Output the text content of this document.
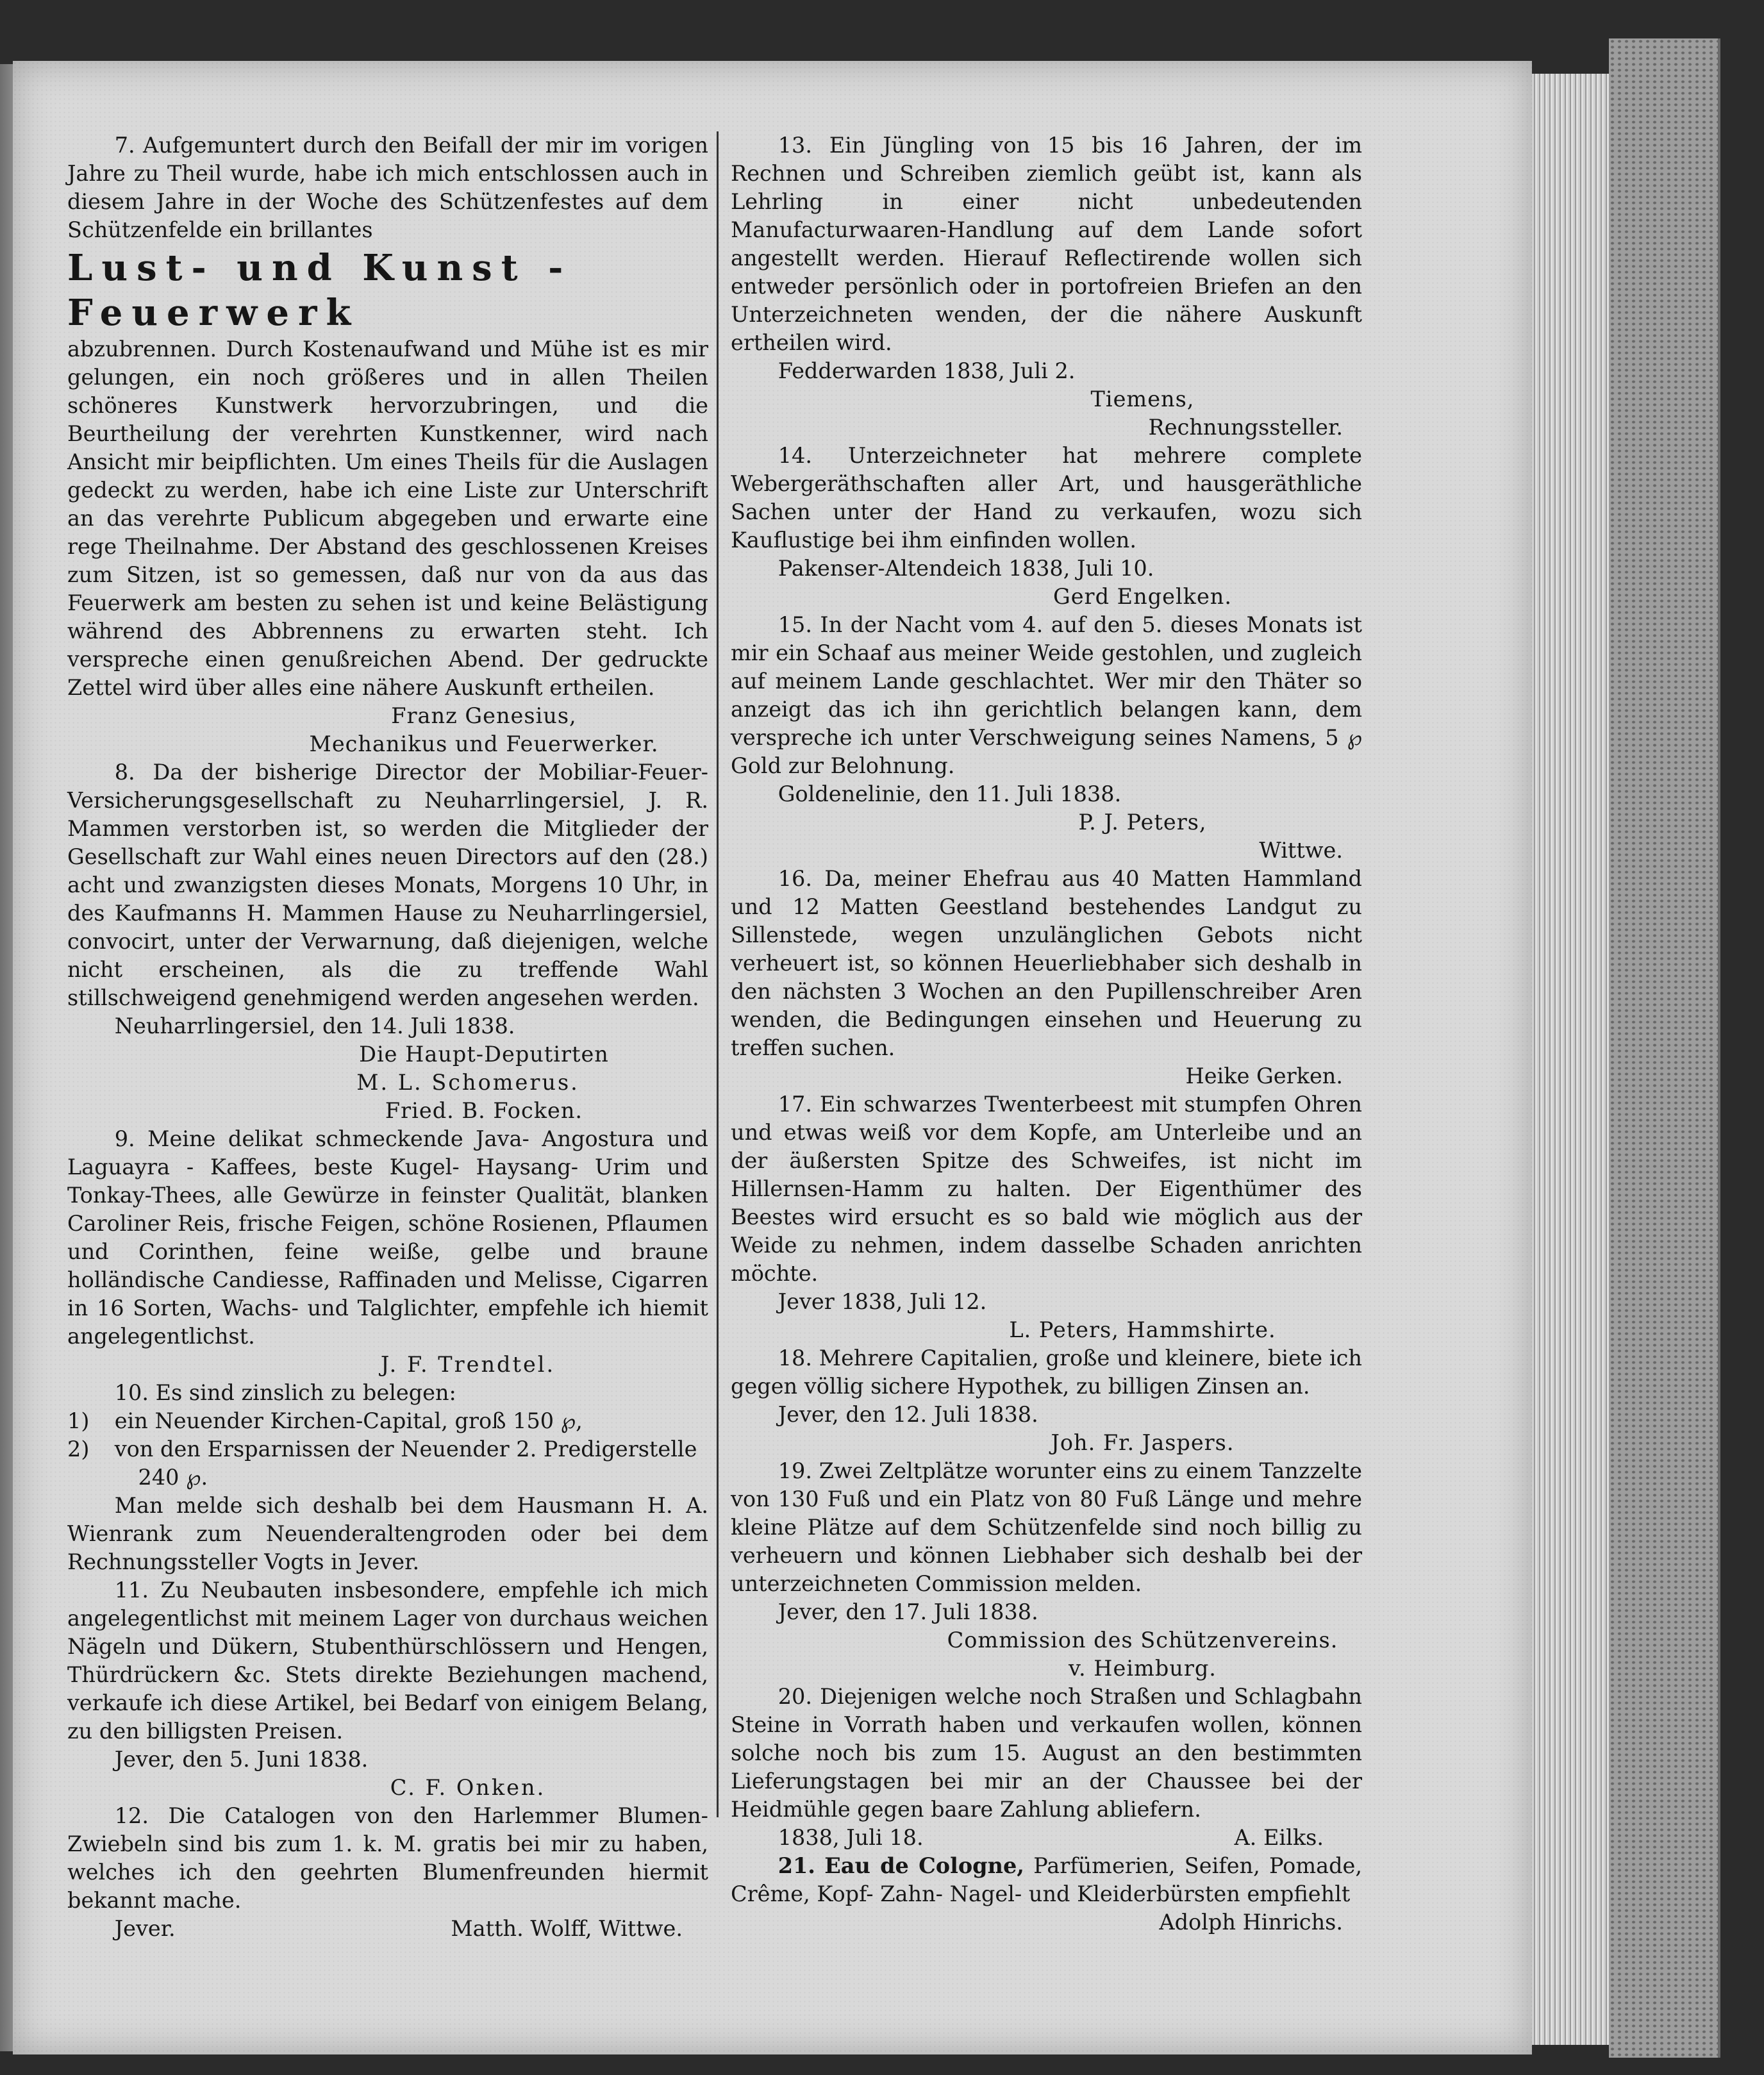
7. Aufgemuntert durch den Beifall der mir im vorigen Jahre zu Theil wurde, habe ich mich entschlossen auch in diesem Jahre in der Woche des Schützenfestes auf dem Schützenfelde ein brillantes

Lust- und Kunst - Feuerwerk

abzubrennen. Durch Kostenaufwand und Mühe ist es mir gelungen, ein noch größeres und in allen Theilen schöneres Kunstwerk hervorzubringen, und die Beurtheilung der verehrten Kunstkenner, wird nach Ansicht mir beipflichten. Um eines Theils für die Auslagen gedeckt zu werden, habe ich eine Liste zur Unterschrift an das verehrte Publicum abgegeben und erwarte eine rege Theilnahme. Der Abstand des geschlossenen Kreises zum Sitzen, ist so gemessen, daß nur von da aus das Feuerwerk am besten zu sehen ist und keine Belästigung während des Abbrennens zu erwarten steht. Ich verspreche einen genußreichen Abend. Der gedruckte Zettel wird über alles eine nähere Auskunft ertheilen.

Franz Genesius,

Mechanikus und Feuerwerker.

8. Da der bisherige Director der Mobiliar-Feuer-Versicherungsgesellschaft zu Neuharrlingersiel, J. R. Mammen verstorben ist, so werden die Mitglieder der Gesellschaft zur Wahl eines neuen Directors auf den (28.) acht und zwanzigsten dieses Monats, Morgens 10 Uhr, in des Kaufmanns H. Mammen Hause zu Neuharrlingersiel, convocirt, unter der Verwarnung, daß diejenigen, welche nicht erscheinen, als die zu treffende Wahl stillschweigend genehmigend werden angesehen werden.

Neuharrlingersiel, den 14. Juli 1838.

Die Haupt-Deputirten

M. L. Schomerus.

Fried. B. Focken.

9. Meine delikat schmeckende Java- Angostura und Laguayra - Kaffees, beste Kugel- Haysang- Urim und Tonkay-Thees, alle Gewürze in feinster Qualität, blanken Caroliner Reis, frische Feigen, schöne Rosienen, Pflaumen und Corinthen, feine weiße, gelbe und braune holländische Candiesse, Raffinaden und Melisse, Cigarren in 16 Sorten, Wachs- und Talglichter, empfehle ich hiemit angelegentlichst.

J. F. Trendtel.

10. Es sind zinslich zu belegen:

1) ein Neuender Kirchen-Capital, groß 150 ℘,

2) von den Ersparnissen der Neuender 2. Predigerstelle

240 ℘.

Man melde sich deshalb bei dem Hausmann H. A. Wienrank zum Neuenderaltengroden oder bei dem Rechnungssteller Vogts in Jever.

11. Zu Neubauten insbesondere, empfehle ich mich angelegentlichst mit meinem Lager von durchaus weichen Nägeln und Dükern, Stubenthürschlössern und Hengen, Thürdrückern &c. Stets direkte Beziehungen machend, verkaufe ich diese Artikel, bei Bedarf von einigem Belang, zu den billigsten Preisen.

Jever, den 5. Juni 1838.

C. F. Onken.

12. Die Catalogen von den Harlemmer Blumen-Zwiebeln sind bis zum 1. k. M. gratis bei mir zu haben, welches ich den geehrten Blumenfreunden hiermit bekannt mache.

Jever.	Matth. Wolff, Wittwe.

13. Ein Jüngling von 15 bis 16 Jahren, der im Rechnen und Schreiben ziemlich geübt ist, kann als Lehrling in einer nicht unbedeutenden Manufacturwaaren-Handlung auf dem Lande sofort angestellt werden. Hierauf Reflectirende wollen sich entweder persönlich oder in portofreien Briefen an den Unterzeichneten wenden, der die nähere Auskunft ertheilen wird.

Fedderwarden 1838, Juli 2.

Tiemens,

Rechnungssteller.

14. Unterzeichneter hat mehrere complete Webergeräthschaften aller Art, und hausgeräthliche Sachen unter der Hand zu verkaufen, wozu sich Kauflustige bei ihm einfinden wollen.

Pakenser-Altendeich 1838, Juli 10.

Gerd Engelken.

15. In der Nacht vom 4. auf den 5. dieses Monats ist mir ein Schaaf aus meiner Weide gestohlen, und zugleich auf meinem Lande geschlachtet. Wer mir den Thäter so anzeigt das ich ihn gerichtlich belangen kann, dem verspreche ich unter Verschweigung seines Namens, 5 ℘ Gold zur Belohnung.

Goldenelinie, den 11. Juli 1838.

P. J. Peters,

Wittwe.

16. Da, meiner Ehefrau aus 40 Matten Hammland und 12 Matten Geestland bestehendes Landgut zu Sillenstede, wegen unzulänglichen Gebots nicht verheuert ist, so können Heuerliebhaber sich deshalb in den nächsten 3 Wochen an den Pupillenschreiber Aren wenden, die Bedingungen einsehen und Heuerung zu treffen suchen.

Heike Gerken.

17. Ein schwarzes Twenterbeest mit stumpfen Ohren und etwas weiß vor dem Kopfe, am Unterleibe und an der äußersten Spitze des Schweifes, ist nicht im Hillernsen-Hamm zu halten. Der Eigenthümer des Beestes wird ersucht es so bald wie möglich aus der Weide zu nehmen, indem dasselbe Schaden anrichten möchte.

Jever 1838, Juli 12.

L. Peters, Hammshirte.

18. Mehrere Capitalien, große und kleinere, biete ich gegen völlig sichere Hypothek, zu billigen Zinsen an.

Jever, den 12. Juli 1838.

Joh. Fr. Jaspers.

19. Zwei Zeltplätze worunter eins zu einem Tanzzelte von 130 Fuß und ein Platz von 80 Fuß Länge und mehre kleine Plätze auf dem Schützenfelde sind noch billig zu verheuern und können Liebhaber sich deshalb bei der unterzeichneten Commission melden.

Jever, den 17. Juli 1838.

Commission des Schützenvereins.

v. Heimburg.

20. Diejenigen welche noch Straßen und Schlagbahn Steine in Vorrath haben und verkaufen wollen, können solche noch bis zum 15. August an den bestimmten Lieferungstagen bei mir an der Chaussee bei der Heidmühle gegen baare Zahlung abliefern.

1838, Juli 18.	A. Eilks.

21. Eau de Cologne, Parfümerien, Seifen, Pomade, Crême, Kopf- Zahn- Nagel- und Kleiderbürsten empfiehlt

Adolph Hinrichs.
